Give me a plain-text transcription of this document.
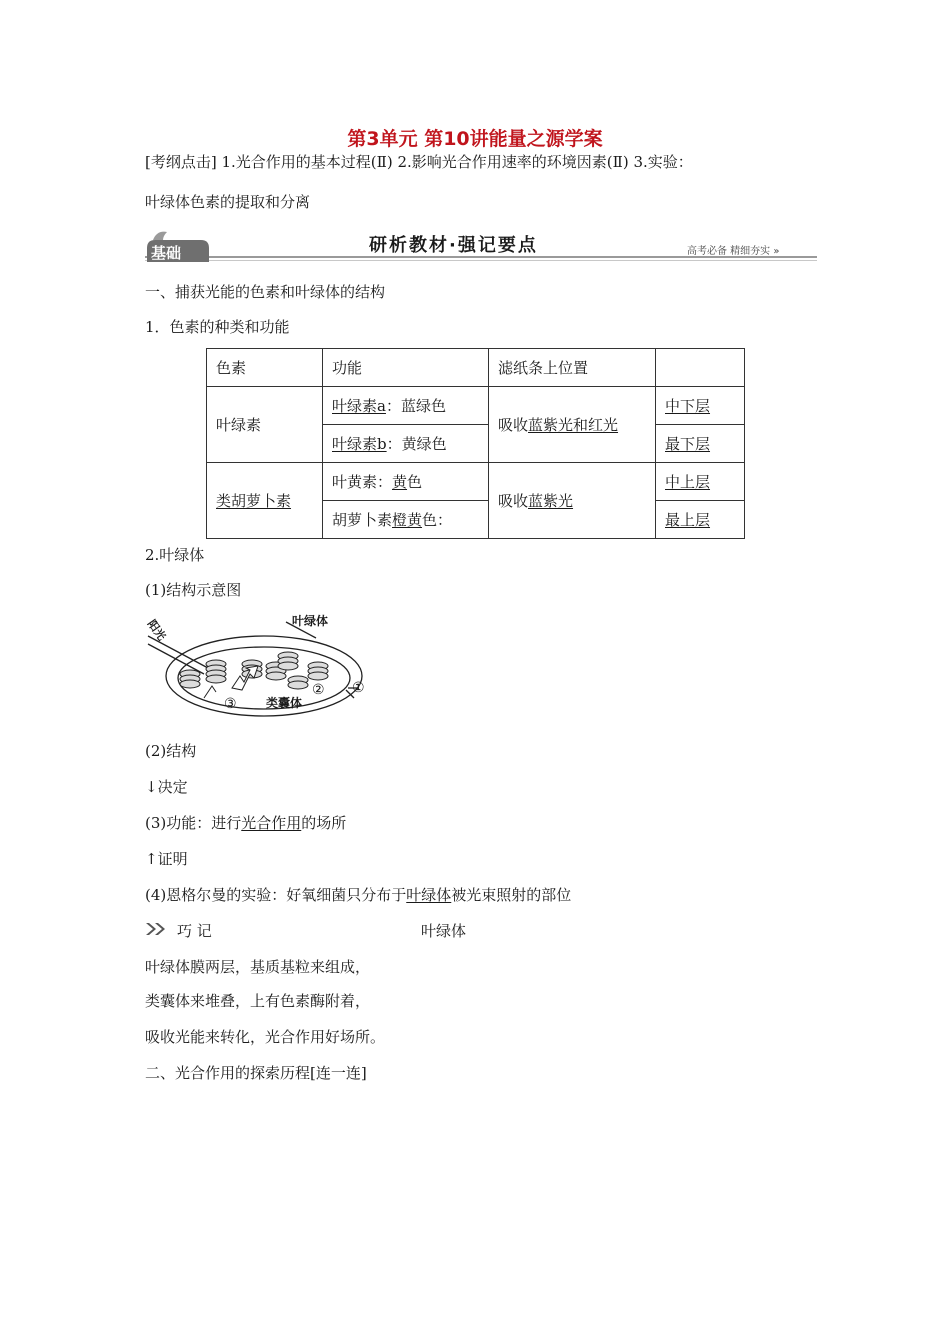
第3单元 第10讲能量之源学案
[考纲点击] 1.光合作用的基本过程(Ⅱ) 2.影响光合作用速率的环境因素(Ⅱ) 3.实验：
叶绿体色素的提取和分离
基础	研析教材·强记要点	高考必备 精细夯实 »
一、捕获光能的色素和叶绿体的结构
1．色素的种类和功能
色素	功能	滤纸条上位置	
叶绿素	叶绿素a：蓝绿色	吸收蓝紫光和红光	中下层
	叶绿素b：黄绿色		最下层
类胡萝卜素	叶黄素：黄色	吸收蓝紫光	中上层
	胡萝卜素橙黄色：		最上层
2.叶绿体
(1)结构示意图
阳光	叶绿体
类囊体
③
② ①
(2)结构
↓决定
(3)功能：进行光合作用的场所
↑证明
(4)恩格尔曼的实验：好氧细菌只分布于叶绿体被光束照射的部位
巧 记	叶绿体
叶绿体膜两层，基质基粒来组成，
类囊体来堆叠，上有色素酶附着，
吸收光能来转化，光合作用好场所。
二、光合作用的探索历程[连一连]
